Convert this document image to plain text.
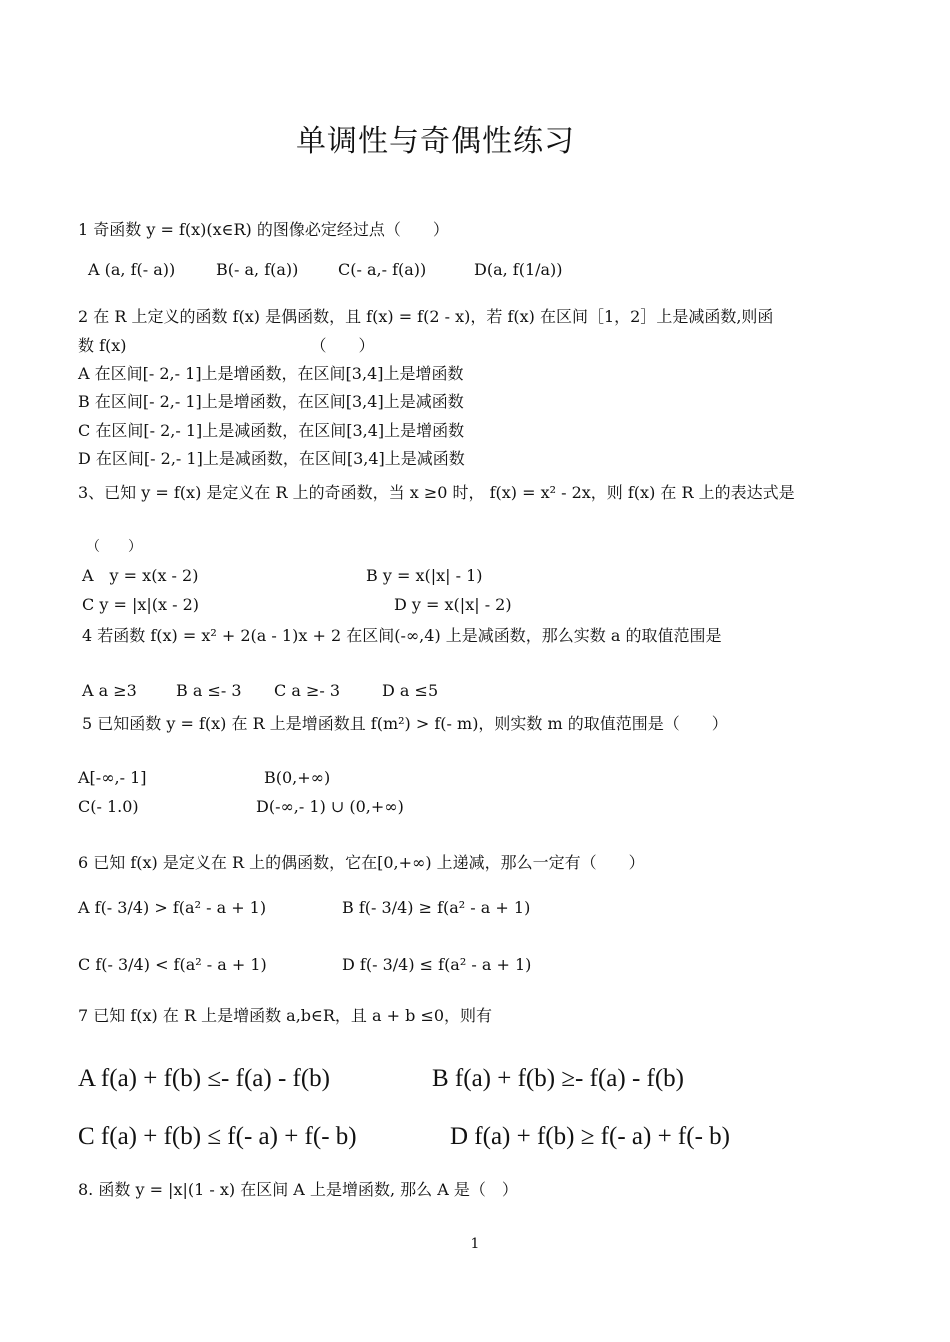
单调性与奇偶性练习
1 奇函数 y = f(x)(x∈R) 的图像必定经过点（　　）
A (a, f(- a))	B(- a, f(a)) C(- a,- f(a))	D(a, f(1/a))
2 在 R 上定义的函数 f(x) 是偶函数，且 f(x) = f(2 - x)，若 f(x) 在区间［1，2］上是减函数,则函
数 f(x)　　　　　　　　　　　　（　　）
A 在区间[- 2,- 1]上是增函数，在区间[3,4]上是增函数
B 在区间[- 2,- 1]上是增函数，在区间[3,4]上是减函数
C 在区间[- 2,- 1]上是减函数，在区间[3,4]上是增函数
D 在区间[- 2,- 1]上是减函数，在区间[3,4]上是减函数
3、已知 y = f(x) 是定义在 R 上的奇函数，当 x ≥0 时， f(x) = x² - 2x，则 f(x) 在 R 上的表达式是
（　　）
A　y = x(x - 2)	B y = x(|x| - 1)
C y = |x|(x - 2)	D y = x(|x| - 2)
4 若函数 f(x) = x² + 2(a - 1)x + 2 在区间(-∞,4) 上是减函数，那么实数 a 的取值范围是
A a ≥3 B a ≤- 3 C a ≥- 3	D a ≤5
5 已知函数 y = f(x) 在 R 上是增函数且 f(m²) > f(- m)，则实数 m 的取值范围是（　　）
A[-∞,- 1]	B(0,+∞)
C(- 1.0)	D(-∞,- 1) ∪ (0,+∞)
6 已知 f(x) 是定义在 R 上的偶函数，它在[0,+∞) 上递减，那么一定有（　　）
A f(- 3/4) > f(a² - a + 1)	B f(- 3/4) ≥ f(a² - a + 1)
C f(- 3/4) < f(a² - a + 1)	D f(- 3/4) ≤ f(a² - a + 1)
7 已知 f(x) 在 R 上是增函数 a,b∈R，且 a + b ≤0，则有
A f(a) + f(b) ≤- f(a) - f(b)	B f(a) + f(b) ≥- f(a) - f(b)
C f(a) + f(b) ≤ f(- a) + f(- b)	D f(a) + f(b) ≥ f(- a) + f(- b)
8. 函数 y = |x|(1 - x) 在区间 A 上是增函数, 那么 A 是（　）
1
